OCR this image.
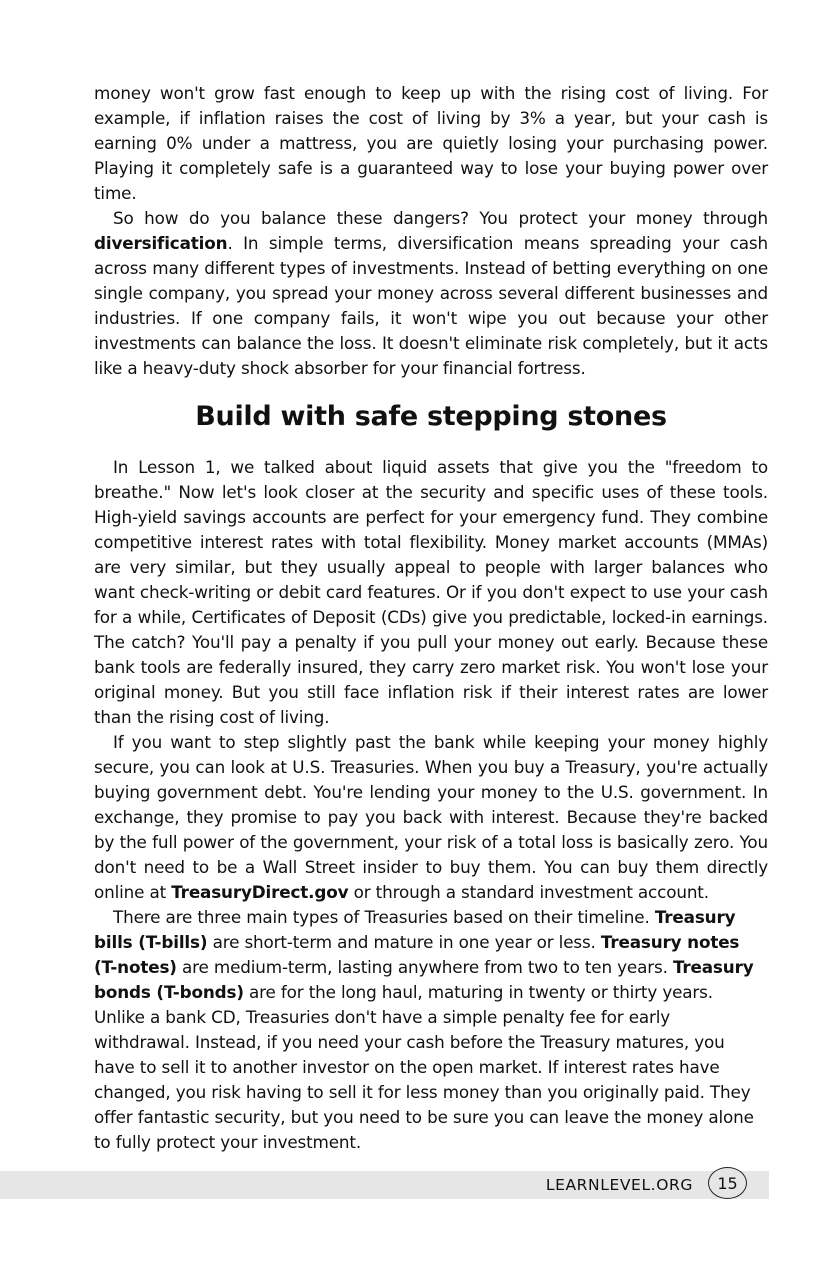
money won't grow fast enough to keep up with the rising cost of living. For example, if inflation raises the cost of living by 3% a year, but your cash is earning 0% under a mattress, you are quietly losing your purchasing power. Playing it completely safe is a guaranteed way to lose your buying power over time.

So how do you balance these dangers? You protect your money through diversification. In simple terms, diversification means spreading your cash across many different types of investments. Instead of betting everything on one single company, you spread your money across several different businesses and industries. If one company fails, it won't wipe you out because your other investments can balance the loss. It doesn't eliminate risk completely, but it acts like a heavy-duty shock absorber for your financial fortress.

Build with safe stepping stones

In Lesson 1, we talked about liquid assets that give you the "freedom to breathe." Now let's look closer at the security and specific uses of these tools. High-yield savings accounts are perfect for your emergency fund. They combine competitive interest rates with total flexibility. Money market accounts (MMAs) are very similar, but they usually appeal to people with larger balances who want check-writing or debit card features. Or if you don't expect to use your cash for a while, Certificates of Deposit (CDs) give you predictable, locked-in earnings. The catch? You'll pay a penalty if you pull your money out early. Because these bank tools are federally insured, they carry zero market risk. You won't lose your original money. But you still face inflation risk if their interest rates are lower than the rising cost of living.

If you want to step slightly past the bank while keeping your money highly secure, you can look at U.S. Treasuries. When you buy a Treasury, you're actually buying government debt. You're lending your money to the U.S. government. In exchange, they promise to pay you back with interest. Because they're backed by the full power of the government, your risk of a total loss is basically zero. You don't need to be a Wall Street insider to buy them. You can buy them directly online at TreasuryDirect.gov or through a standard investment account.

There are three main types of Treasuries based on their timeline. Treasury bills (T-bills) are short-term and mature in one year or less. Treasury notes (T-notes) are medium-term, lasting anywhere from two to ten years. Treasury bonds (T-bonds) are for the long haul, maturing in twenty or thirty years. Unlike a bank CD, Treasuries don't have a simple penalty fee for early withdrawal. Instead, if you need your cash before the Treasury matures, you have to sell it to another investor on the open market. If interest rates have changed, you risk having to sell it for less money than you originally paid. They offer fantastic security, but you need to be sure you can leave the money alone to fully protect your investment.

LEARNLEVEL.ORG 15
